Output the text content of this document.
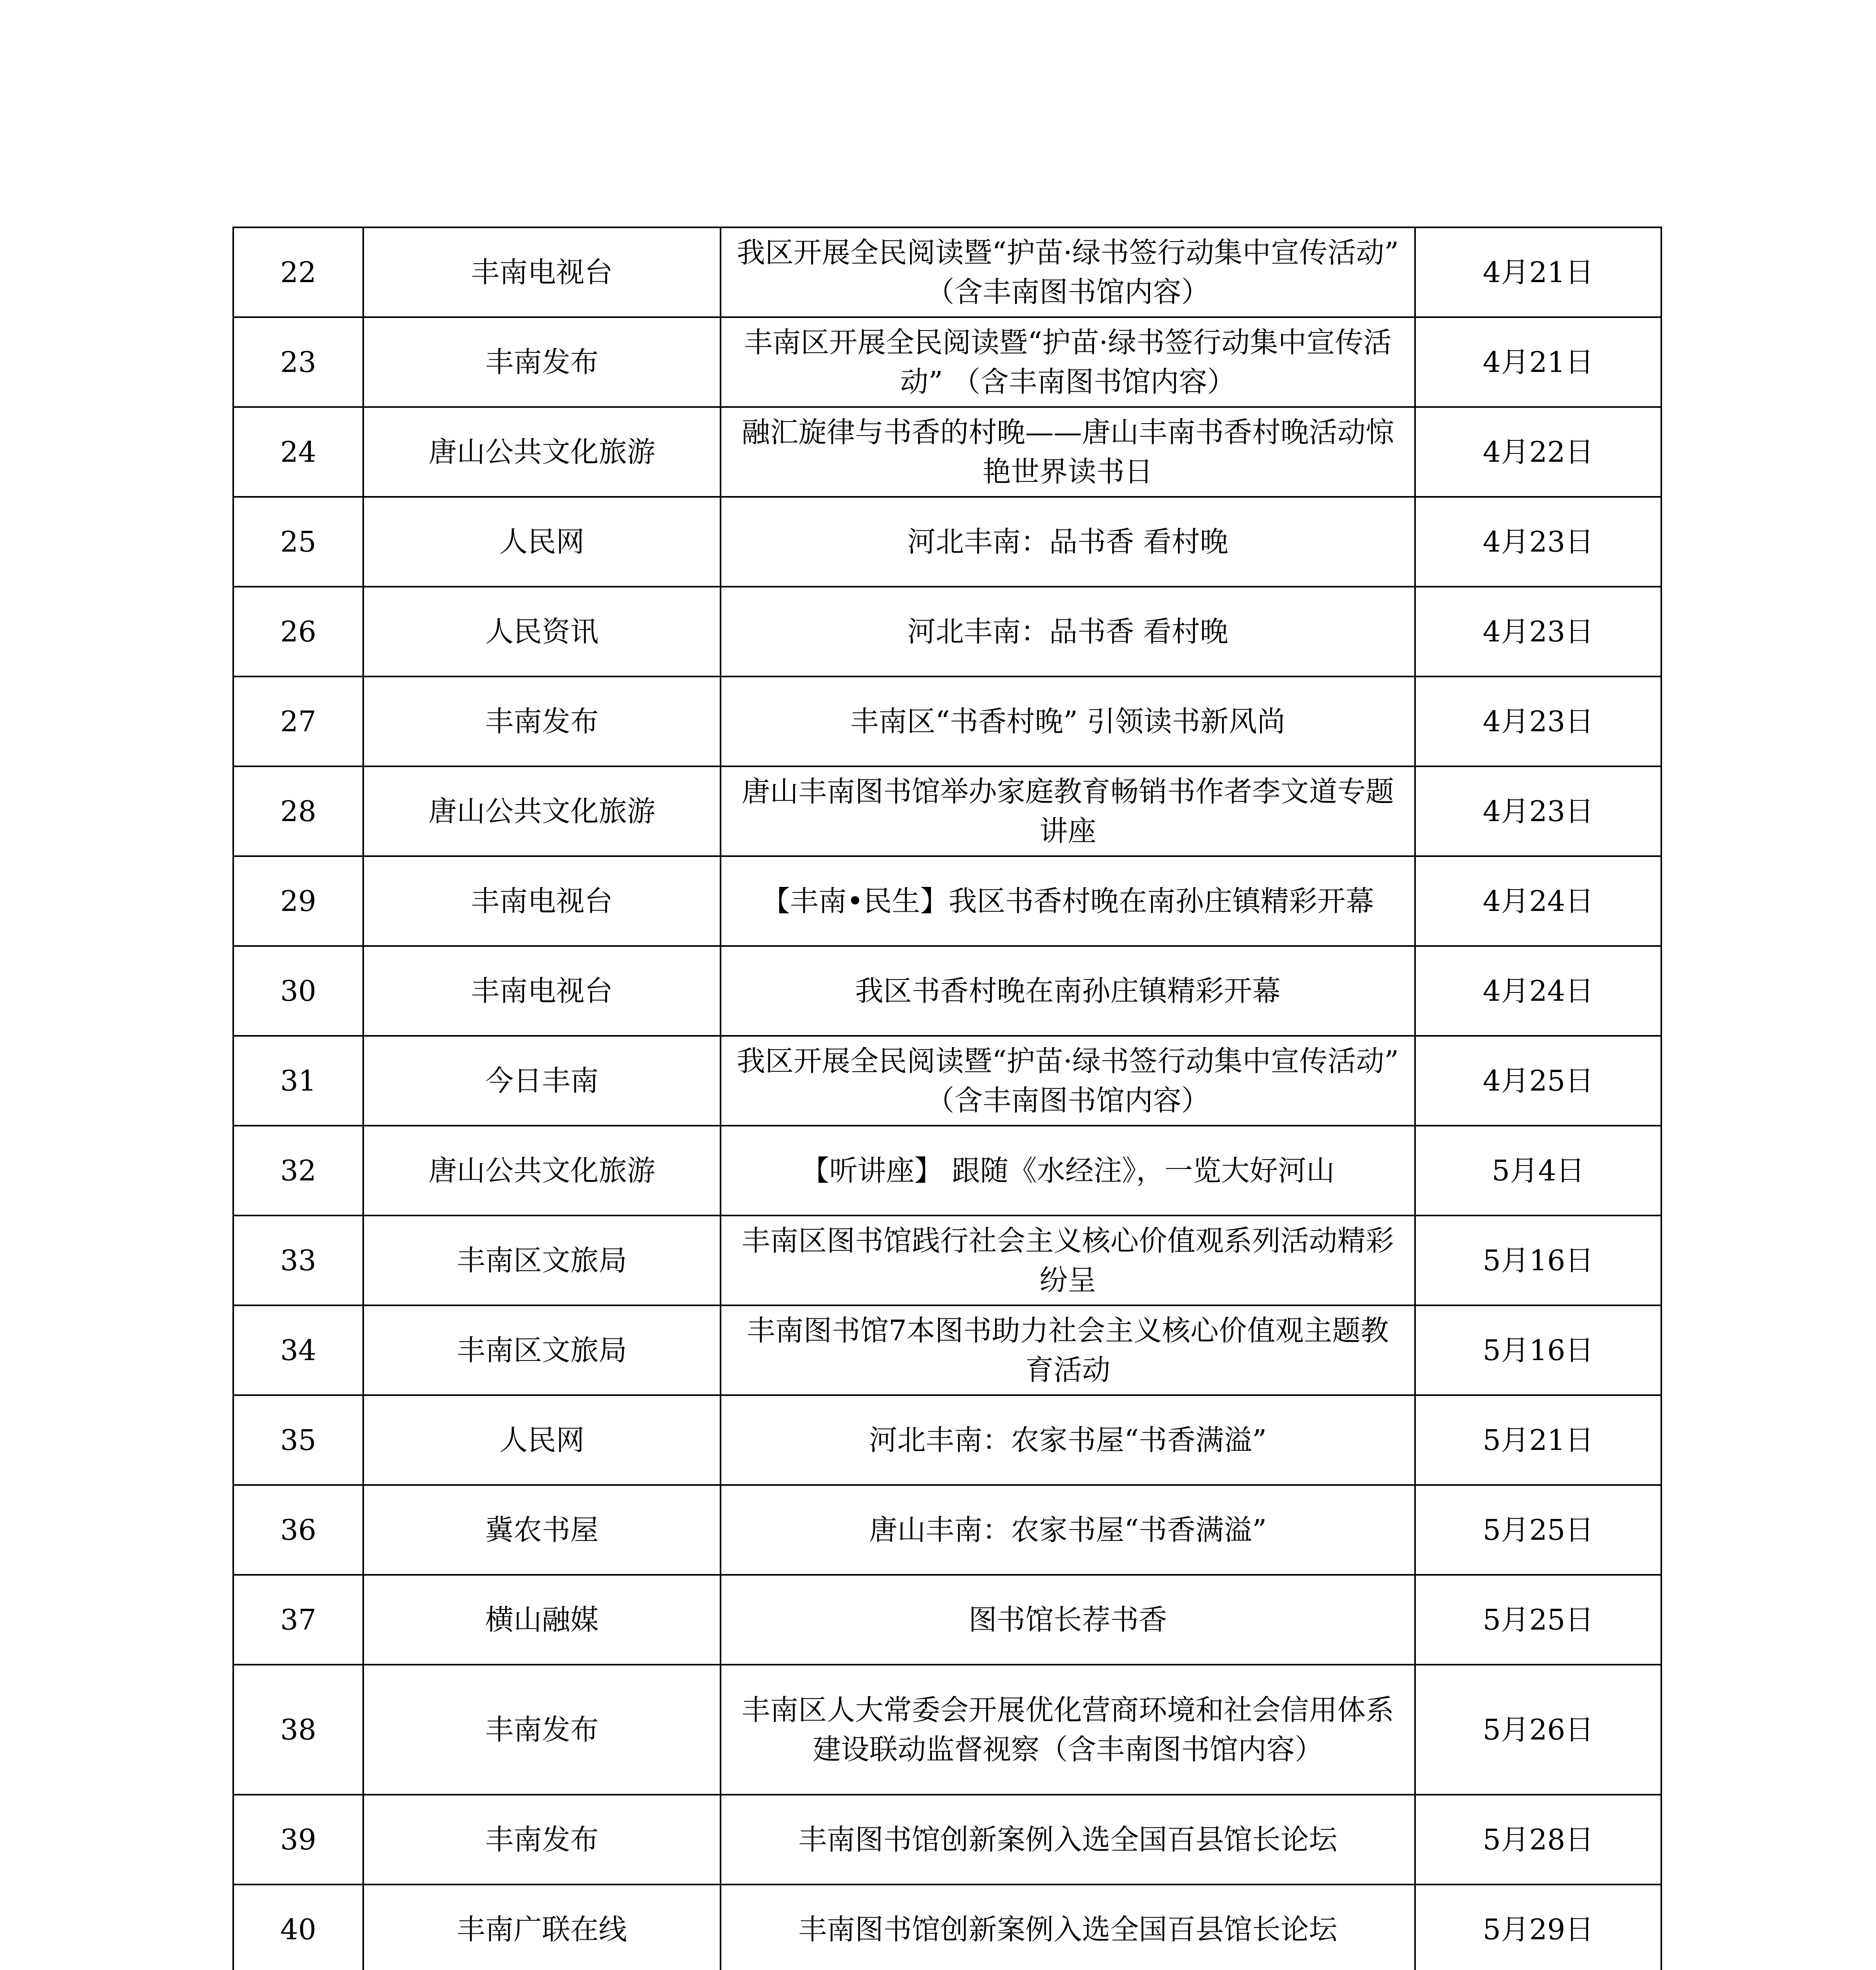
22	丰南电视台	我区开展全民阅读暨“护苗·绿书签行动集中宣传活动” （含丰南图书馆内容）	4月21日
23	丰南发布	丰南区开展全民阅读暨“护苗·绿书签行动集中宣传活动” （含丰南图书馆内容）	4月21日
24	唐山公共文化旅游	融汇旋律与书香的村晚——唐山丰南书香村晚活动惊艳世界读书日	4月22日
25	人民网	河北丰南：品书香 看村晚	4月23日
26	人民资讯	河北丰南：品书香 看村晚	4月23日
27	丰南发布	丰南区“书香村晚” 引领读书新风尚	4月23日
28	唐山公共文化旅游	唐山丰南图书馆举办家庭教育畅销书作者李文道专题讲座	4月23日
29	丰南电视台	【丰南•民生】我区书香村晚在南孙庄镇精彩开幕	4月24日
30	丰南电视台	我区书香村晚在南孙庄镇精彩开幕	4月24日
31	今日丰南	我区开展全民阅读暨“护苗·绿书签行动集中宣传活动” （含丰南图书馆内容）	4月25日
32	唐山公共文化旅游	【听讲座】 跟随《水经注》，一览大好河山	5月4日
33	丰南区文旅局	丰南区图书馆践行社会主义核心价值观系列活动精彩纷呈	5月16日
34	丰南区文旅局	丰南图书馆7本图书助力社会主义核心价值观主题教育活动	5月16日
35	人民网	河北丰南：农家书屋“书香满溢”	5月21日
36	冀农书屋	唐山丰南：农家书屋“书香满溢”	5月25日
37	横山融媒	图书馆长荐书香	5月25日
38	丰南发布	丰南区人大常委会开展优化营商环境和社会信用体系建设联动监督视察（含丰南图书馆内容）	5月26日
39	丰南发布	丰南图书馆创新案例入选全国百县馆长论坛	5月28日
40	丰南广联在线	丰南图书馆创新案例入选全国百县馆长论坛	5月29日
